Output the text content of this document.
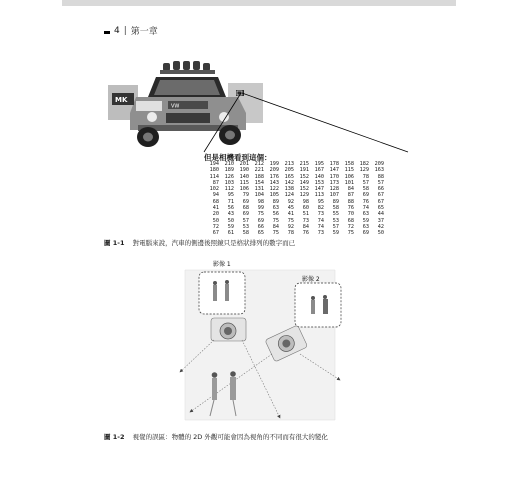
4 | 第一章
VW
MK
但是相機看到這個：
194	210	201	212	199	213	215	195	178	158	182	209
180	189	190	221	209	205	191	167	147	115	129	163
114	126	140	188	176	165	152	140	170	106	78	88
87	103	115	154	143	142	149	153	173	101	57	57
102	112	106	131	122	138	152	147	128	84	58	66
94	95	79	104	105	124	129	113	107	87	69	67
68	71	69	98	89	92	98	95	89	88	76	67
41	56	68	99	63	45	60	82	58	76	74	65
20	43	69	75	56	41	51	73	55	70	63	44
50	50	57	69	75	75	73	74	53	68	59	37
72	59	53	66	84	92	84	74	57	72	63	42
67	61	58	65	75	78	76	73	59	75	69	50
圖 1-1 對電腦來說，汽車的側邊後照鏡只是格狀排列的數字而已
影像 1
影像 2
圖 1-2 視覺的誤區：物體的 2D 外觀可能會因為視角的不同而有很大的變化
